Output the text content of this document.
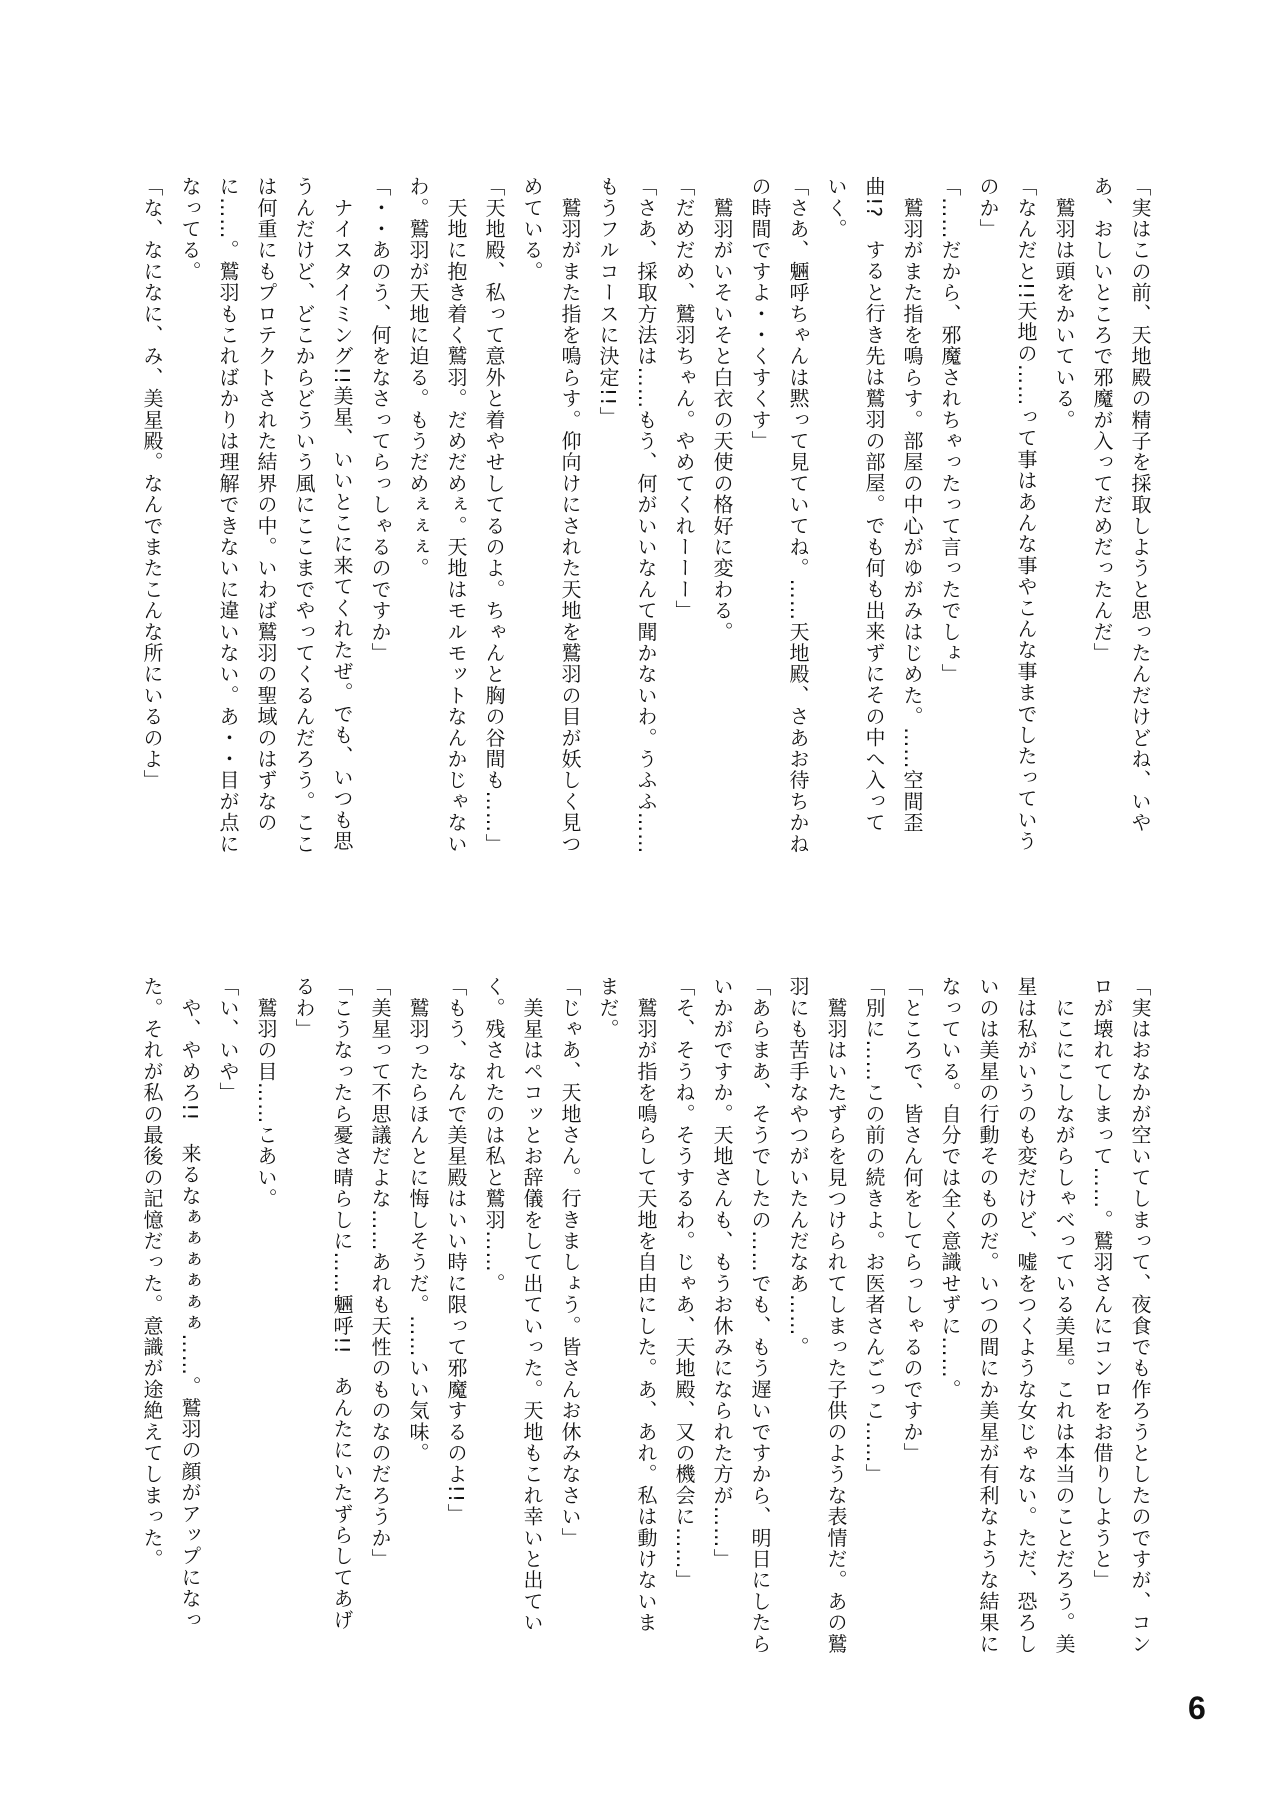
「実はこの前、天地殿の精子を採取しようと思ったんだけどね、いや
あ、おしいところで邪魔が入ってだめだったんだ」
　鷲羽は頭をかいている。
「なんだと!!天地の……って事はあんな事やこんな事までしたっていう
のか」
「……だから、邪魔されちゃったって言ったでしょ」
　鷲羽がまた指を鳴らす。部屋の中心がゆがみはじめた。……空間歪
曲!?　すると行き先は鷲羽の部屋。でも何も出来ずにその中へ入って
いく。
「さあ、魎呼ちゃんは黙って見ていてね。……天地殿、さあお待ちかね
の時間ですよ・・くすくす」
　鷲羽がいそいそと白衣の天使の格好に変わる。
「だめだめ、鷲羽ちゃん。やめてくれーーー」
「さあ、採取方法は……もう、何がいいなんて聞かないわ。うふふ……
もうフルコースに決定!!」
　鷲羽がまた指を鳴らす。仰向けにされた天地を鷲羽の目が妖しく見つ
めている。
「天地殿、私って意外と着やせしてるのよ。ちゃんと胸の谷間も……」
　天地に抱き着く鷲羽。だめだめぇ。天地はモルモットなんかじゃない
わ。鷲羽が天地に迫る。もうだめぇぇぇ。
「・・あのう、何をなさってらっしゃるのですか」
　ナイスタイミング!!美星、いいとこに来てくれたぜ。でも、いつも思
うんだけど、どこからどういう風にここまでやってくるんだろう。ここ
は何重にもプロテクトされた結界の中。いわば鷲羽の聖域のはずなの
に……。鷲羽もこればかりは理解できないに違いない。あ・・目が点に
なってる。
「な、なになに、み、美星殿。なんでまたこんな所にいるのよ」
「実はおなかが空いてしまって、夜食でも作ろうとしたのですが、コン
ロが壊れてしまって……。鷲羽さんにコンロをお借りしようと」
　にこにこしながらしゃべっている美星。これは本当のことだろう。美
星は私がいうのも変だけど、嘘をつくような女じゃない。ただ、恐ろし
いのは美星の行動そのものだ。いつの間にか美星が有利なような結果に
なっている。自分では全く意識せずに……。
「ところで、皆さん何をしてらっしゃるのですか」
「別に……この前の続きよ。お医者さんごっこ……」
　鷲羽はいたずらを見つけられてしまった子供のような表情だ。あの鷲
羽にも苦手なやつがいたんだなあ……。
「あらまあ、そうでしたの……でも、もう遅いですから、明日にしたら
いかがですか。天地さんも、もうお休みになられた方が……」
「そ、そうね。そうするわ。じゃあ、天地殿、又の機会に……」
　鷲羽が指を鳴らして天地を自由にした。あ、あれ。私は動けないま
まだ。
「じゃあ、天地さん。行きましょう。皆さんお休みなさい」
　美星はペコッとお辞儀をして出ていった。天地もこれ幸いと出てい
く。残されたのは私と鷲羽……。
「もう、なんで美星殿はいい時に限って邪魔するのよ!!」
　鷲羽ったらほんとに悔しそうだ。……いい気味。
「美星って不思議だよな……あれも天性のものなのだろうか」
「こうなったら憂さ晴らしに……魎呼!!　あんたにいたずらしてあげ
るわ」
　鷲羽の目……こあい。
「い、いや」
　や、やめろ!!　来るなぁぁぁぁぁぁ……。鷲羽の顔がアップになっ
た。それが私の最後の記憶だった。意識が途絶えてしまった。
6
